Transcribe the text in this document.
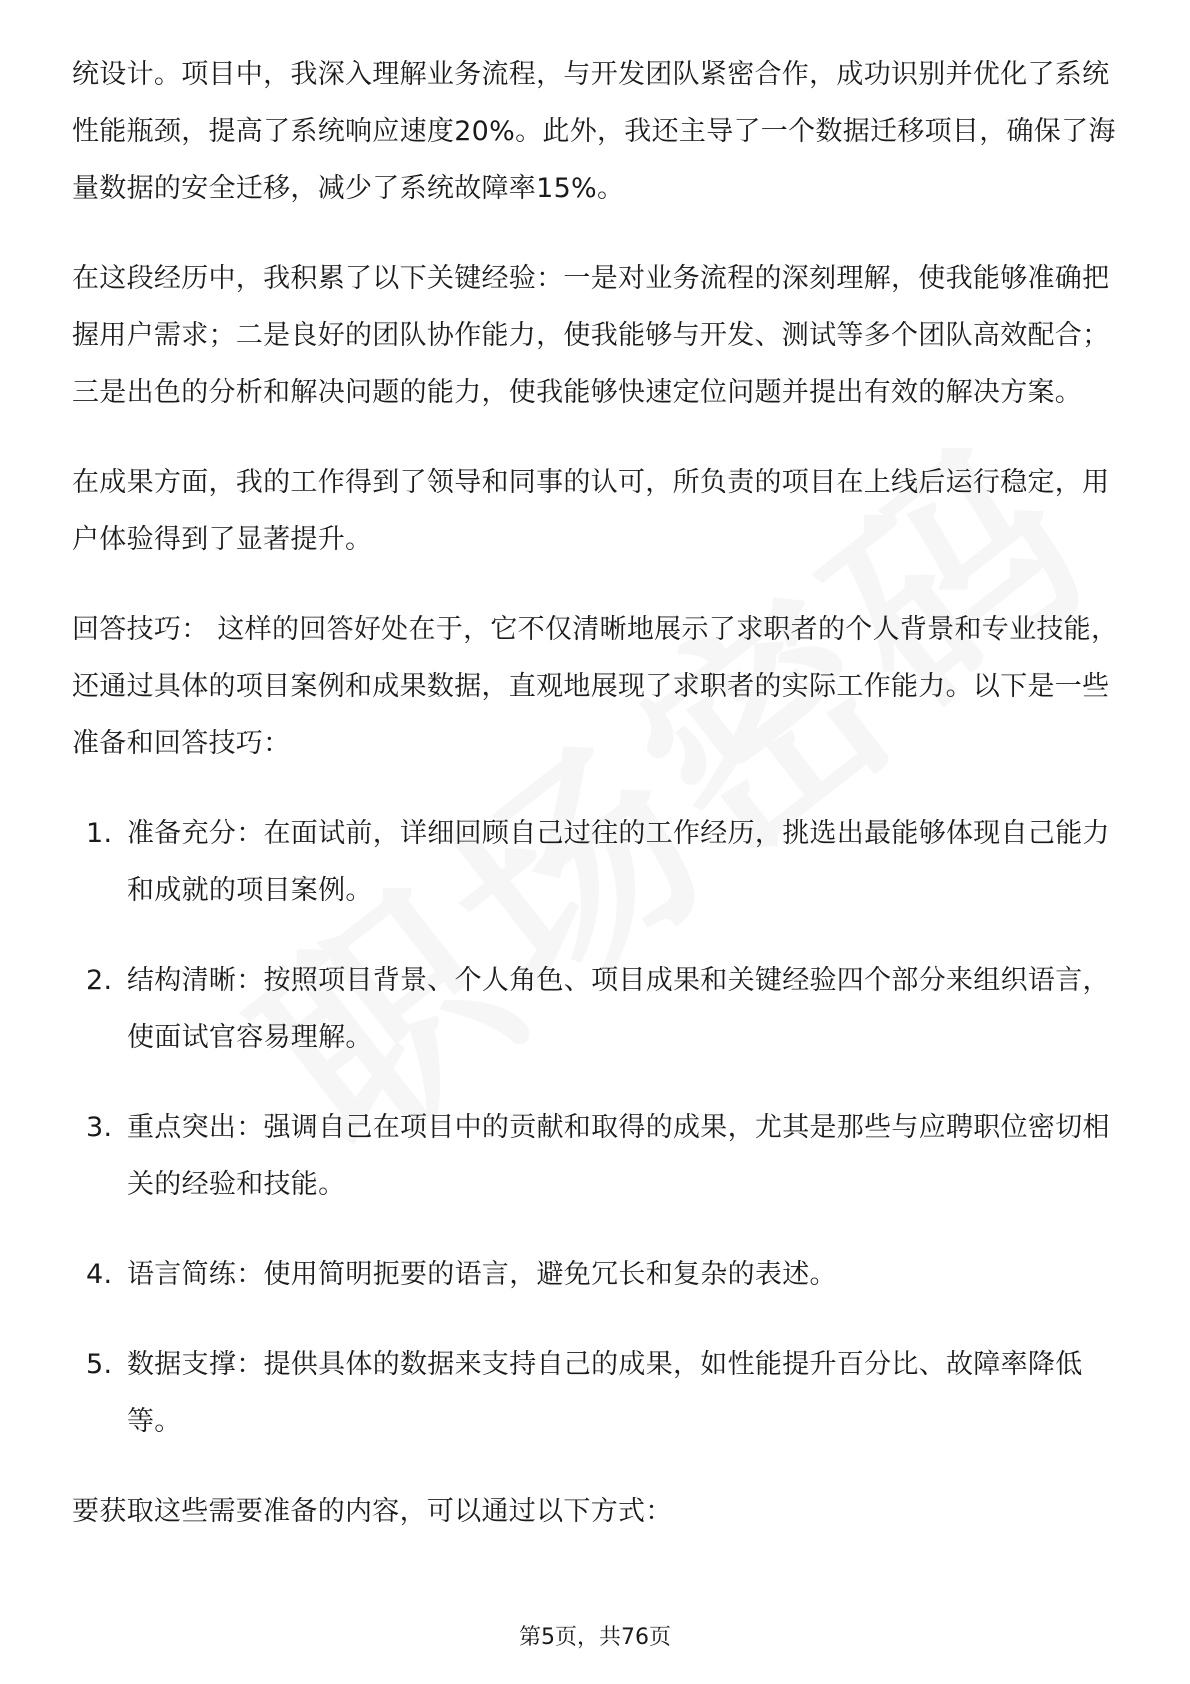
统设计。项目中，我深入理解业务流程，与开发团队紧密合作，成功识别并优化了系统性能瓶颈，提高了系统响应速度20%。此外，我还主导了一个数据迁移项目，确保了海量数据的安全迁移，减少了系统故障率15%。

在这段经历中，我积累了以下关键经验：一是对业务流程的深刻理解，使我能够准确把握用户需求；二是良好的团队协作能力，使我能够与开发、测试等多个团队高效配合；三是出色的分析和解决问题的能力，使我能够快速定位问题并提出有效的解决方案。

在成果方面，我的工作得到了领导和同事的认可，所负责的项目在上线后运行稳定，用户体验得到了显著提升。

回答技巧： 这样的回答好处在于，它不仅清晰地展示了求职者的个人背景和专业技能，还通过具体的项目案例和成果数据，直观地展现了求职者的实际工作能力。以下是一些准备和回答技巧：

1. 准备充分：在面试前，详细回顾自己过往的工作经历，挑选出最能够体现自己能力和成就的项目案例。
2. 结构清晰：按照项目背景、个人角色、项目成果和关键经验四个部分来组织语言，使面试官容易理解。
3. 重点突出：强调自己在项目中的贡献和取得的成果，尤其是那些与应聘职位密切相关的经验和技能。
4. 语言简练：使用简明扼要的语言，避免冗长和复杂的表述。
5. 数据支撑：提供具体的数据来支持自己的成果，如性能提升百分比、故障率降低等。

要获取这些需要准备的内容，可以通过以下方式：

第5页，共76页
